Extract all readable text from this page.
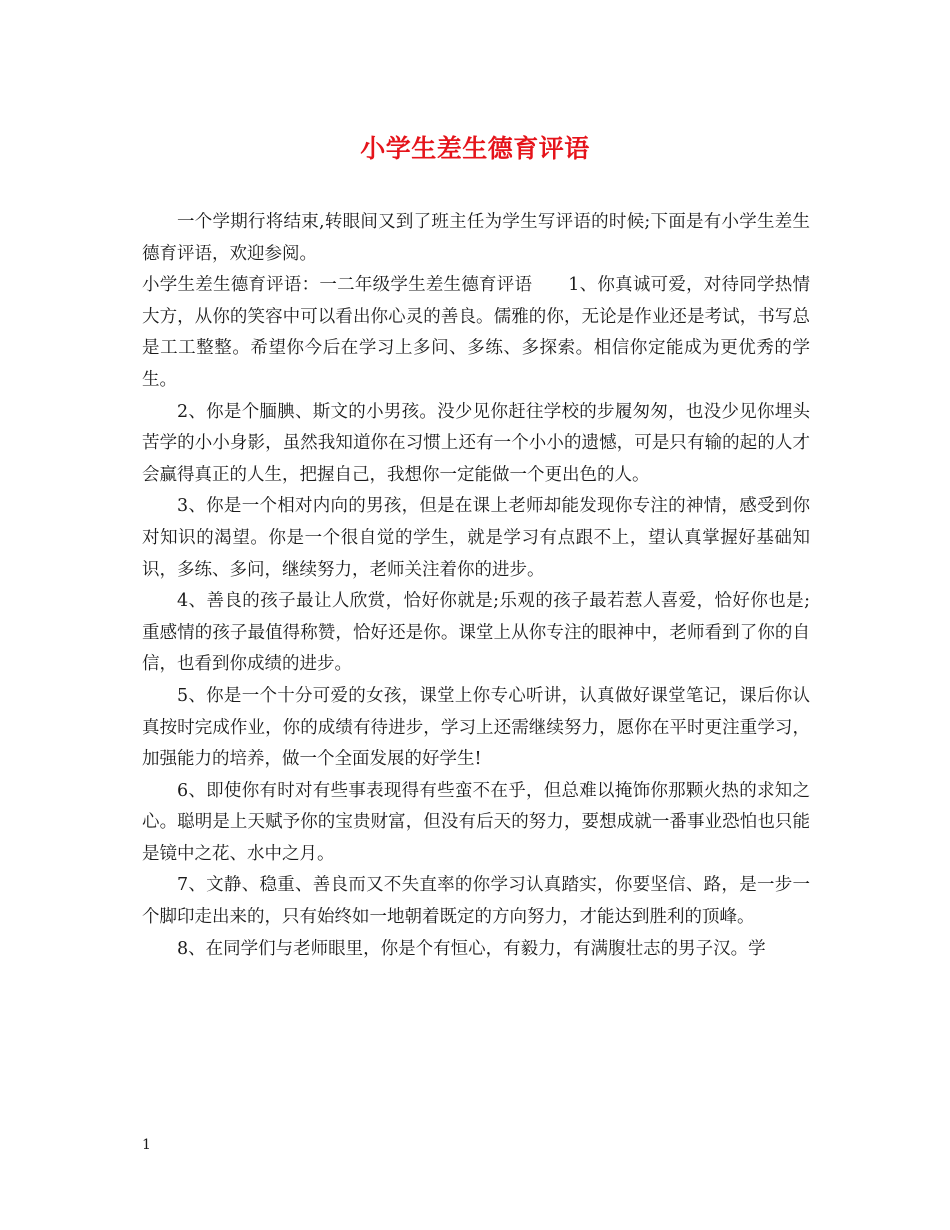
小学生差生德育评语

一个学期行将结束,转眼间又到了班主任为学生写评语的时候;下面是有小学生差生德育评语，欢迎参阅。

小学生差生德育评语：一二年级学生差生德育评语 1、你真诚可爱，对待同学热情大方，从你的笑容中可以看出你心灵的善良。儒雅的你，无论是作业还是考试，书写总是工工整整。希望你今后在学习上多问、多练、多探索。相信你定能成为更优秀的学生。

2、你是个腼腆、斯文的小男孩。没少见你赶往学校的步履匆匆，也没少见你埋头苦学的小小身影，虽然我知道你在习惯上还有一个小小的遗憾，可是只有输的起的人才会赢得真正的人生，把握自己，我想你一定能做一个更出色的人。

3、你是一个相对内向的男孩，但是在课上老师却能发现你专注的神情，感受到你对知识的渴望。你是一个很自觉的学生，就是学习有点跟不上，望认真掌握好基础知识，多练、多问，继续努力，老师关注着你的进步。

4、善良的孩子最让人欣赏，恰好你就是;乐观的孩子最若惹人喜爱，恰好你也是;重感情的孩子最值得称赞，恰好还是你。课堂上从你专注的眼神中，老师看到了你的自信，也看到你成绩的进步。

5、你是一个十分可爱的女孩，课堂上你专心听讲，认真做好课堂笔记，课后你认真按时完成作业，你的成绩有待进步，学习上还需继续努力，愿你在平时更注重学习，加强能力的培养，做一个全面发展的好学生!

6、即使你有时对有些事表现得有些蛮不在乎，但总难以掩饰你那颗火热的求知之心。聪明是上天赋予你的宝贵财富，但没有后天的努力，要想成就一番事业恐怕也只能是镜中之花、水中之月。

7、文静、稳重、善良而又不失直率的你学习认真踏实，你要坚信、路，是一步一个脚印走出来的，只有始终如一地朝着既定的方向努力，才能达到胜利的顶峰。

8、在同学们与老师眼里，你是个有恒心，有毅力，有满腹壮志的男子汉。学

1
